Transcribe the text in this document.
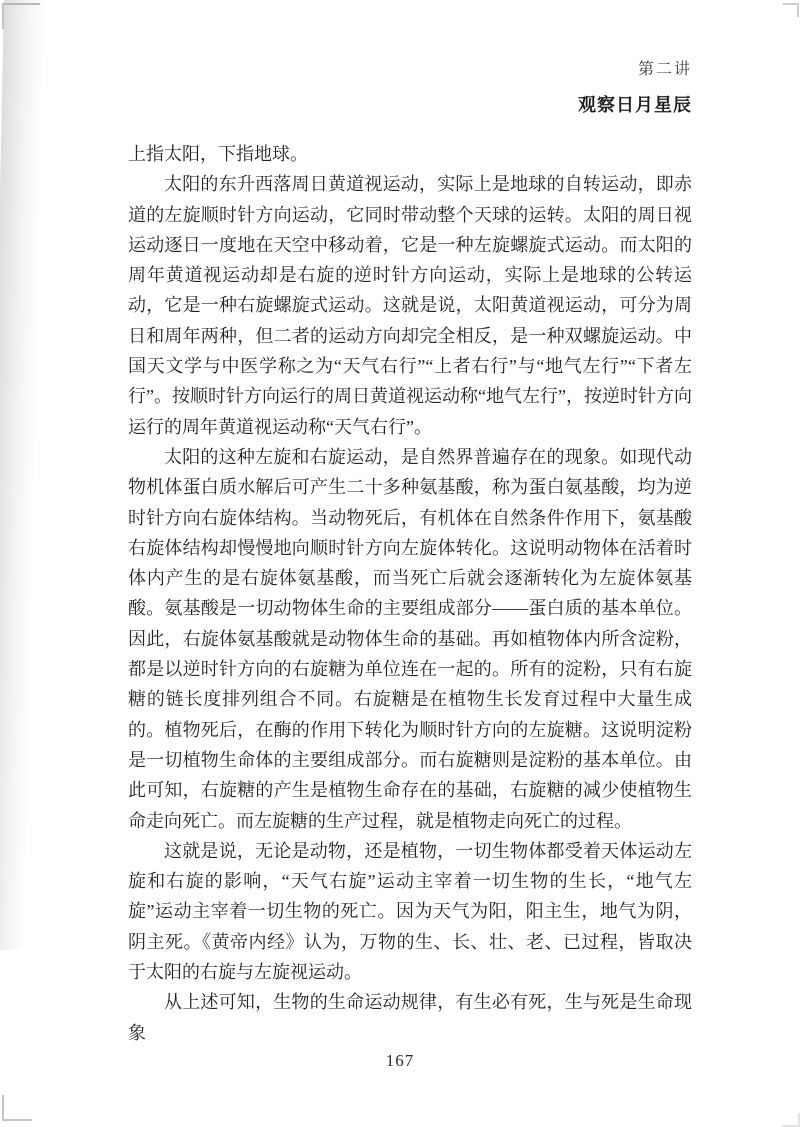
第二讲
观察日月星辰

上指太阳，下指地球。

太阳的东升西落周日黄道视运动，实际上是地球的自转运动，即赤道的左旋顺时针方向运动，它同时带动整个天球的运转。太阳的周日视运动逐日一度地在天空中移动着，它是一种左旋螺旋式运动。而太阳的周年黄道视运动却是右旋的逆时针方向运动，实际上是地球的公转运动，它是一种右旋螺旋式运动。这就是说，太阳黄道视运动，可分为周日和周年两种，但二者的运动方向却完全相反，是一种双螺旋运动。中国天文学与中医学称之为“天气右行”“上者右行”与“地气左行”“下者左行”。按顺时针方向运行的周日黄道视运动称“地气左行”，按逆时针方向运行的周年黄道视运动称“天气右行”。

太阳的这种左旋和右旋运动，是自然界普遍存在的现象。如现代动物机体蛋白质水解后可产生二十多种氨基酸，称为蛋白氨基酸，均为逆时针方向右旋体结构。当动物死后，有机体在自然条件作用下，氨基酸右旋体结构却慢慢地向顺时针方向左旋体转化。这说明动物体在活着时体内产生的是右旋体氨基酸，而当死亡后就会逐渐转化为左旋体氨基酸。氨基酸是一切动物体生命的主要组成部分——蛋白质的基本单位。因此，右旋体氨基酸就是动物体生命的基础。再如植物体内所含淀粉，都是以逆时针方向的右旋糖为单位连在一起的。所有的淀粉，只有右旋糖的链长度排列组合不同。右旋糖是在植物生长发育过程中大量生成的。植物死后，在酶的作用下转化为顺时针方向的左旋糖。这说明淀粉是一切植物生命体的主要组成部分。而右旋糖则是淀粉的基本单位。由此可知，右旋糖的产生是植物生命存在的基础，右旋糖的减少使植物生命走向死亡。而左旋糖的生产过程，就是植物走向死亡的过程。

这就是说，无论是动物，还是植物，一切生物体都受着天体运动左旋和右旋的影响，“天气右旋”运动主宰着一切生物的生长，“地气左旋”运动主宰着一切生物的死亡。因为天气为阳，阳主生，地气为阴，阴主死。《黄帝内经》认为，万物的生、长、壮、老、已过程，皆取决于太阳的右旋与左旋视运动。

从上述可知，生物的生命运动规律，有生必有死，生与死是生命现象

167
